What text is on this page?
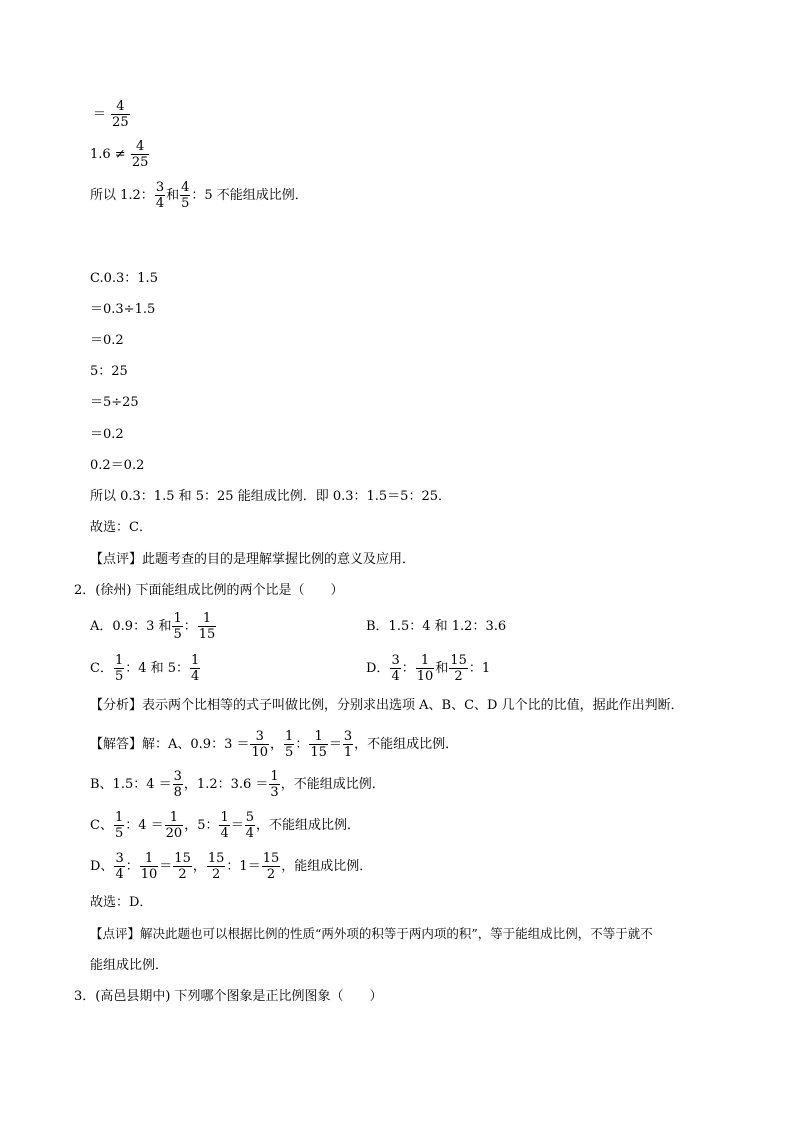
＝ $\frac{4}{25}$
$1.6 \ne \frac{4}{25}$
所以 1.2： $\frac{3}{4}$ 和 $\frac{4}{5}$ ：5 不能组成比例．
C.0.3：1.5
＝0.3÷1.5
＝0.2
5：25
＝5÷25
＝0.2
0.2＝0.2
所以 0.3：1.5 和 5：25 能组成比例．即 0.3：1.5＝5：25．
故选：C．
【点评】此题考查的目的是理解掌握比例的意义及应用．
2．(徐州) 下面能组成比例的两个比是（　　）
A．0.9：3 和 $\frac{1}{5}$ ： $\frac{1}{15}$	B．1.5：4 和 1.2：3.6
C． $\frac{1}{5}$ ：4 和 5： $\frac{1}{4}$	D． $\frac{3}{4}$ ： $\frac{1}{10}$ 和 $\frac{15}{2}$ ：1
【分析】表示两个比相等的式子叫做比例，分别求出选项 A、B、C、D 几个比的比值，据此作出判断．
【解答】解：A、0.9：$3 = \frac{3}{10}$ ， $\frac{1}{5}$ ： $\frac{1}{15} = \frac{3}{1}$ ，不能组成比例．
B、1.5：$4 = \frac{3}{8}$ ，1.2：$3.6 = \frac{1}{3}$ ，不能组成比例．
C、 $\frac{1}{5}$ ：$4 = \frac{1}{20}$ ，5： $\frac{1}{4} = \frac{5}{4}$ ，不能组成比例．
D、 $\frac{3}{4}$ ： $\frac{1}{10} = \frac{15}{2}$ ， $\frac{15}{2}$ ：$1= \frac{15}{2}$ ，能组成比例．
故选：D．
【点评】解决此题也可以根据比例的性质“两外项的积等于两内项的积”，等于能组成比例，不等于就不
能组成比例．
3．(高邑县期中) 下列哪个图象是正比例图象（　　）
